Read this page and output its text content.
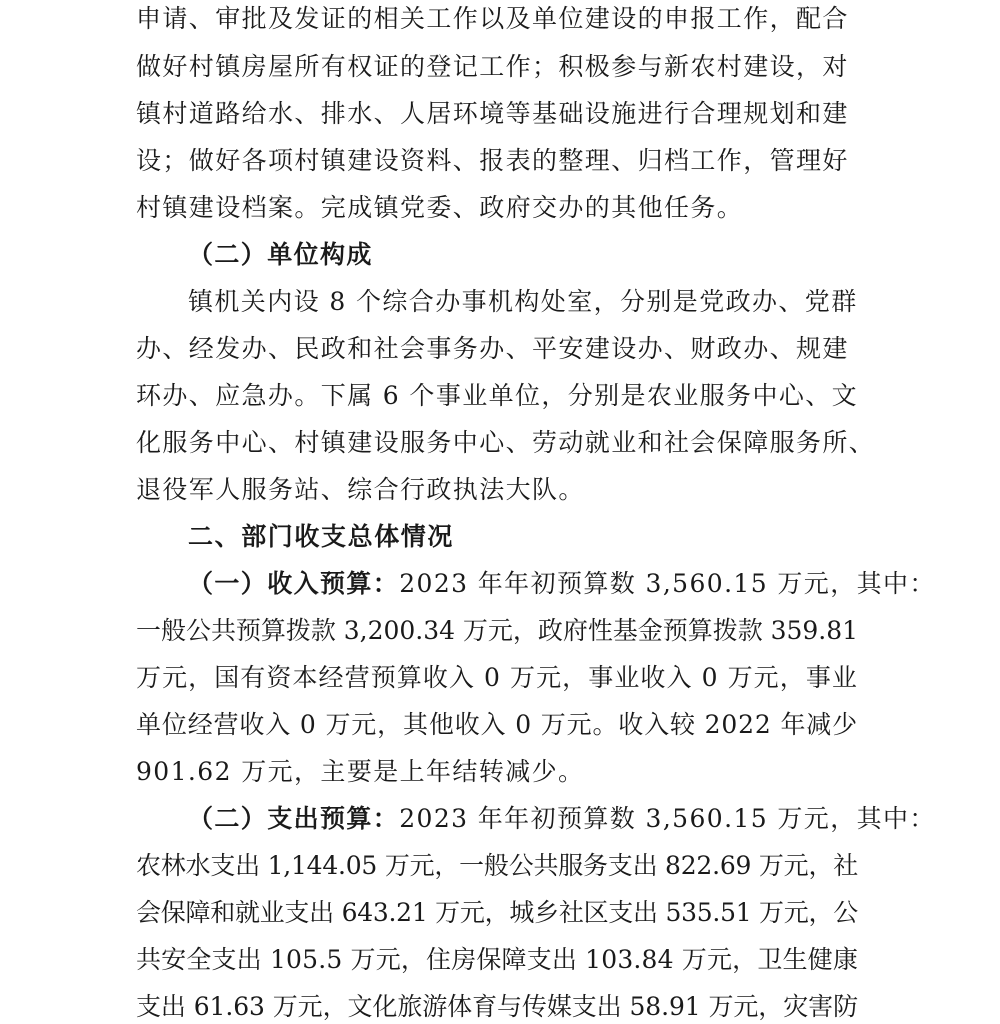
申请、审批及发证的相关工作以及单位建设的申报工作，配合
做好村镇房屋所有权证的登记工作；积极参与新农村建设，对
镇村道路给水、排水、人居环境等基础设施进行合理规划和建
设；做好各项村镇建设资料、报表的整理、归档工作，管理好
村镇建设档案。完成镇党委、政府交办的其他任务。
（二）单位构成
镇机关内设 8 个综合办事机构处室，分别是党政办、党群
办、经发办、民政和社会事务办、平安建设办、财政办、规建
环办、应急办。下属 6 个事业单位，分别是农业服务中心、文
化服务中心、村镇建设服务中心、劳动就业和社会保障服务所、
退役军人服务站、综合行政执法大队。
二、部门收支总体情况
（一）收入预算： 2023 年年初预算数 3,560.15 万元，其中：
一般公共预算拨款 3,200.34 万元，政府性基金预算拨款 359.81
万元，国有资本经营预算收入 0 万元，事业收入 0 万元，事业
单位经营收入 0 万元，其他收入 0 万元。收入较 2022 年减少
901.62 万元，主要是上年结转减少。
（二）支出预算： 2023 年年初预算数 3,560.15 万元，其中：
农林水支出 1,144.05 万元，一般公共服务支出 822.69 万元，社
会保障和就业支出 643.21 万元，城乡社区支出 535.51 万元，公
共安全支出 105.5 万元，住房保障支出 103.84 万元，卫生健康
支出 61.63 万元，文化旅游体育与传媒支出 58.91 万元，灾害防
